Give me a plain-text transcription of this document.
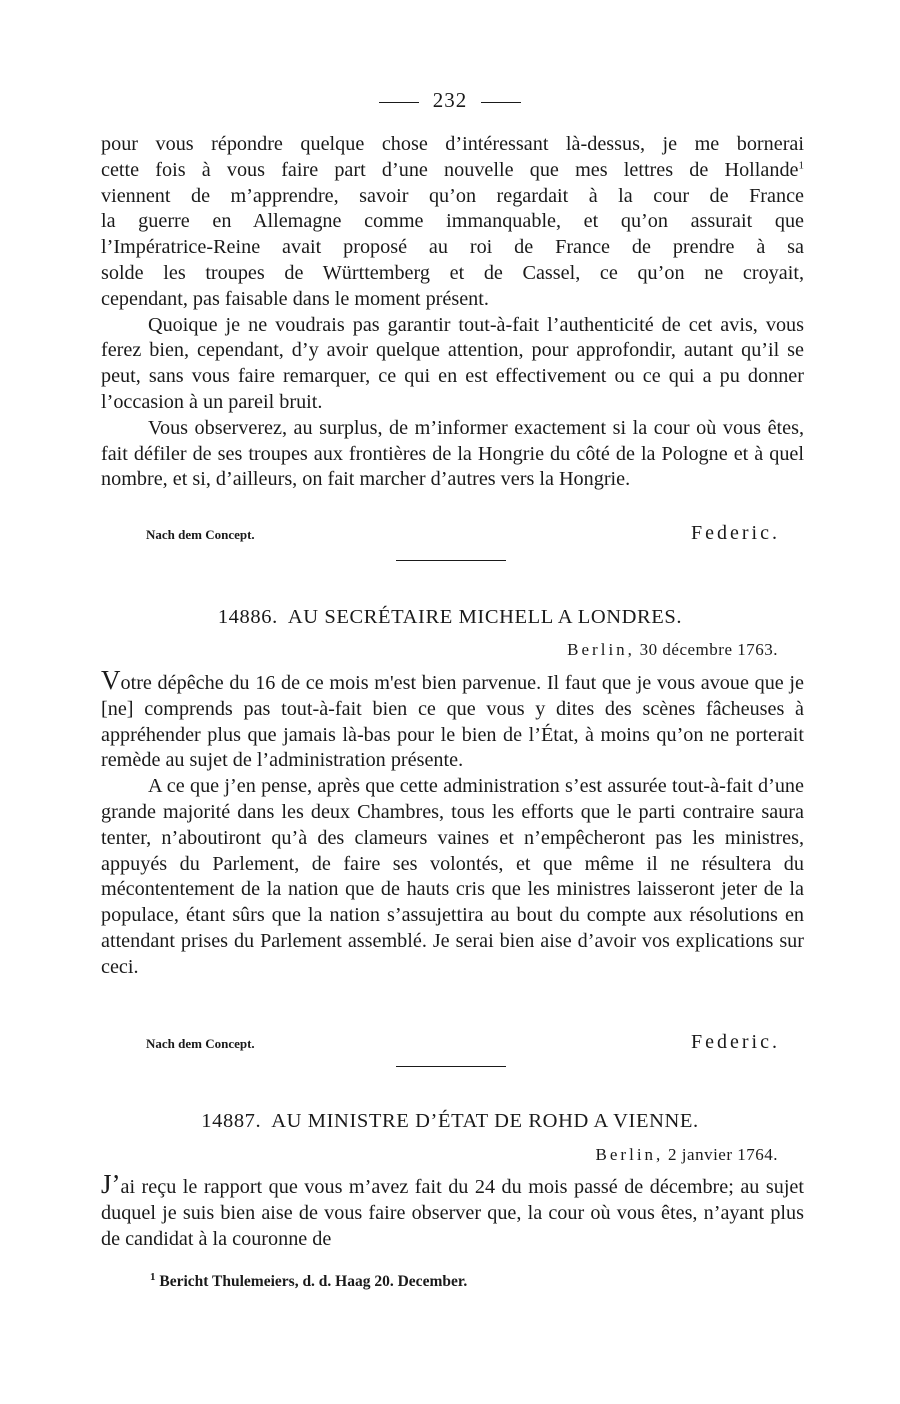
232

pour vous répondre quelque chose d’intéressant là-dessus, je me bornerai

cette fois à vous faire part d’une nouvelle que mes lettres de Hollande$^1$

viennent de m’apprendre, savoir qu’on regardait à la cour de France

la guerre en Allemagne comme immanquable, et qu’on assurait que

l’Impératrice-Reine avait proposé au roi de France de prendre à sa

solde les troupes de Württemberg et de Cassel, ce qu’on ne croyait,

cependant, pas faisable dans le moment présent.

Quoique je ne voudrais pas garantir tout-à-fait l’authenticité de cet avis, vous ferez bien, cependant, d’y avoir quelque attention, pour approfondir, autant qu’il se peut, sans vous faire remarquer, ce qui en est effectivement ou ce qui a pu donner l’occasion à un pareil bruit.

Vous observerez, au surplus, de m’informer exactement si la cour où vous êtes, fait défiler de ses troupes aux frontières de la Hongrie du côté de la Pologne et à quel nombre, et si, d’ailleurs, on fait marcher d’autres vers la Hongrie.

Nach dem Concept.	Federic.
14886. AU SECRÉTAIRE MICHELL A LONDRES.
Berlin, 30 décembre 1763.

Votre dépêche du 16 de ce mois m'est bien parvenue. Il faut que je vous avoue que je [ne] comprends pas tout-à-fait bien ce que vous y dites des scènes fâcheuses à appréhender plus que jamais là-bas pour le bien de l’État, à moins qu’on ne porterait remède au sujet de l’administration présente.

A ce que j’en pense, après que cette administration s’est assurée tout-à-fait d’une grande majorité dans les deux Chambres, tous les efforts que le parti contraire saura tenter, n’aboutiront qu’à des clameurs vaines et n’empêcheront pas les ministres, appuyés du Parlement, de faire ses volontés, et que même il ne résultera du mécontentement de la nation que de hauts cris que les ministres laisseront jeter de la populace, étant sûrs que la nation s’assujettira au bout du compte aux résolutions en attendant prises du Parlement assemblé. Je serai bien aise d’avoir vos explications sur ceci.

Nach dem Concept.	Federic.
14887. AU MINISTRE D’ÉTAT DE ROHD A VIENNE.
Berlin, 2 janvier 1764.

J’ai reçu le rapport que vous m’avez fait du 24 du mois passé de décembre; au sujet duquel je suis bien aise de vous faire observer que, la cour où vous êtes, n’ayant plus de candidat à la couronne de

$^1$ Bericht Thulemeiers, d. d. Haag 20. December.
